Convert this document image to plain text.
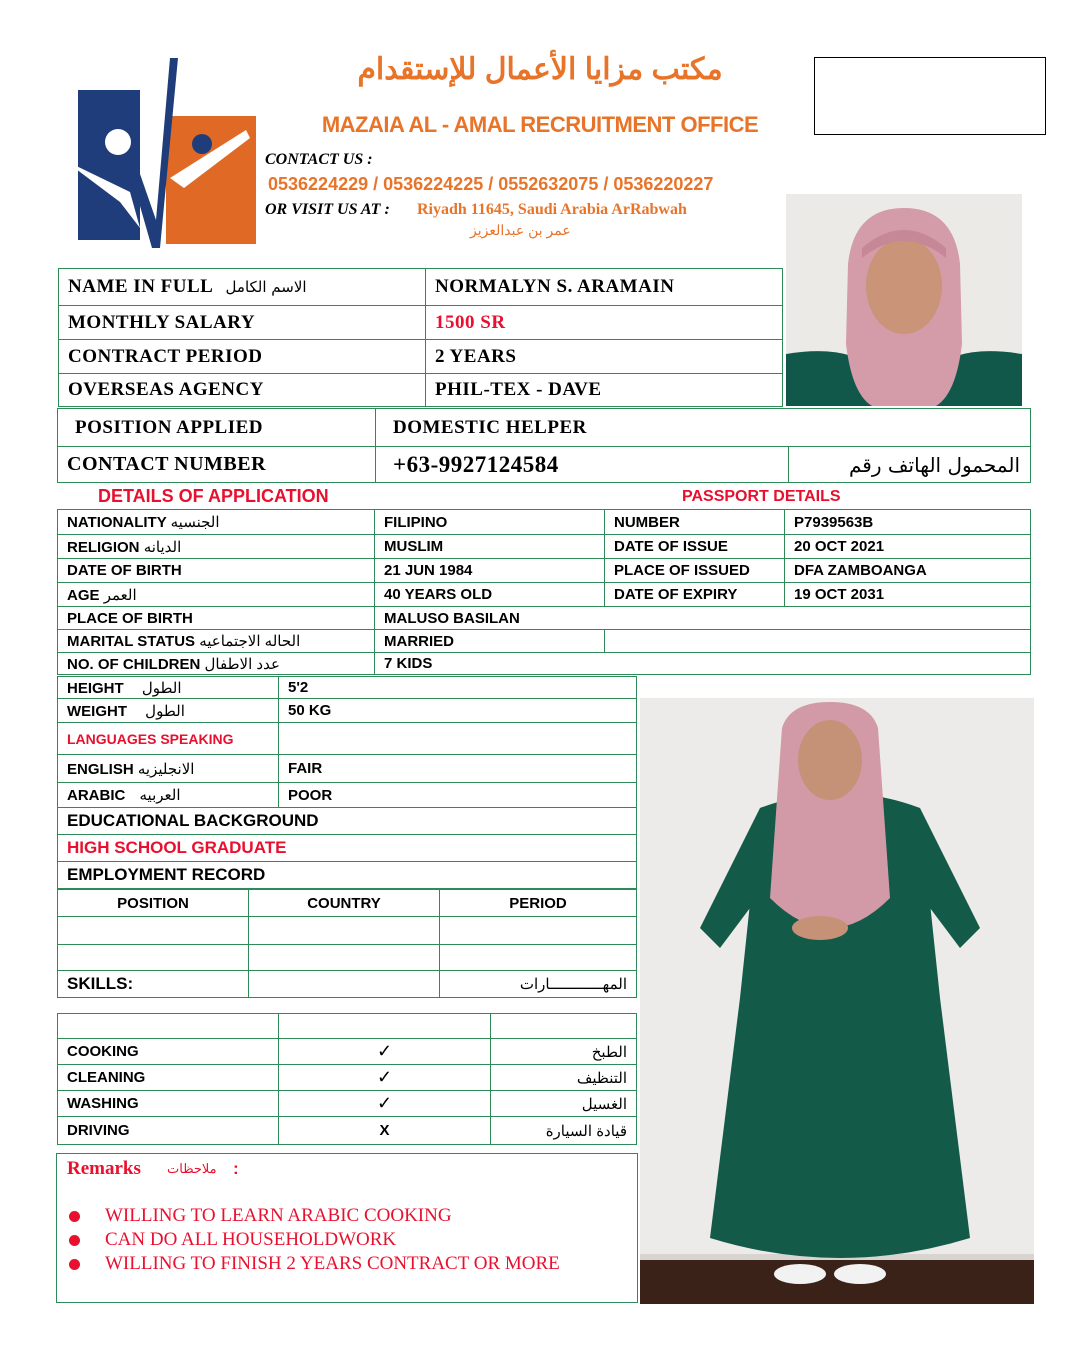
مكتب مزايا الأعمال للإستقدام
MAZAIA AL - AMAL RECRUITMENT OFFICE
CONTACT US :
0536224229 / 0536224225 / 0552632075 / 0536220227
OR VISIT US AT : Riyadh 11645, Saudi Arabia ArRabwah
عمر بن عبدالعزيز
NAME IN FULL الاسم الكامل	NORMALYN S. ARAMAIN
MONTHLY SALARY	1500 SR
CONTRACT PERIOD	2 YEARS
OVERSEAS AGENCY	PHIL-TEX - DAVE
POSITION APPLIED	DOMESTIC HELPER	
CONTACT NUMBER	+63-9927124584	المحمول الهاتف رقم
DETAILS OF APPLICATION	PASSPORT DETAILS
NATIONALITY الجنسيه	FILIPINO	NUMBER	P7939563B
RELIGION الديانه	MUSLIM	DATE OF ISSUE	20 OCT 2021
DATE OF BIRTH	21 JUN 1984	PLACE OF ISSUED	DFA ZAMBOANGA
AGE العمر	40 YEARS OLD	DATE OF EXPIRY	19 OCT 2031
PLACE OF BIRTH	MALUSO BASILAN		
MARITAL STATUS الحاله الاجتماعيه	MARRIED		
NO. OF CHILDREN عدد الاطفال	7 KIDS		
HEIGHT الطول	5'2
WEIGHT الطول	50 KG
LANGUAGES SPEAKING	
ENGLISH الانجليزيه	FAIR
ARABIC العربيه	POOR
EDUCATIONAL BACKGROUND	
HIGH SCHOOL GRADUATE	
EMPLOYMENT RECORD	
POSITION	COUNTRY	PERIOD

SKILLS:		المهــــــــــــارات

COOKING	✓	الطبخ
CLEANING	✓	التنظيف
WASHING	✓	الغسيل
DRIVING	X	قيادة السيارة
Remarks ملاحظات :
WILLING TO LEARN ARABIC COOKING
CAN DO ALL HOUSEHOLDWORK
WILLING TO FINISH 2 YEARS CONTRACT OR MORE
